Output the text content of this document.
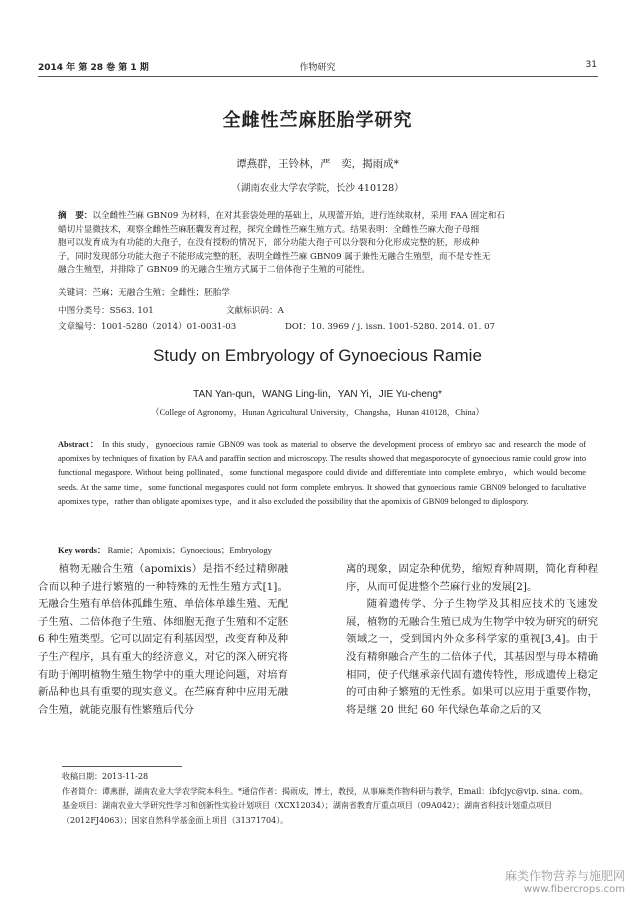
2014 年 第 28 卷 第 1 期	作物研究	31
全雌性苎麻胚胎学研究
谭燕群，王铃林，严　奕，揭雨成*
（湖南农业大学农学院，长沙 410128）
摘　要：以全雌性苎麻 GBN09 为材料，在对其套袋处理的基础上，从现蕾开始，进行连续取材，采用 FAA 固定和石
蜡切片显微技术，观察全雌性苎麻胚囊发育过程，探究全雌性苎麻生殖方式。结果表明：全雌性苎麻大孢子母细
胞可以发育成为有功能的大孢子，在没有授粉的情况下，部分功能大孢子可以分裂和分化形成完整的胚，形成种
子，同时发现部分功能大孢子不能形成完整的胚，表明全雌性苎麻 GBN09 属于兼性无融合生殖型，而不是专性无
融合生殖型，并排除了 GBN09 的无融合生殖方式属于二倍体孢子生殖的可能性。
关键词：苎麻；无融合生殖；全雌性；胚胎学
中图分类号：S563. 101	文献标识码：A
文章编号：1001-5280（2014）01-0031-03	DOI：10. 3969 / j. issn. 1001-5280. 2014. 01. 07
Study on Embryology of Gynoecious Ramie
TAN Yan-qun，WANG Ling-lin，YAN Yi，JIE Yu-cheng*
（College of Agronomy，Hunan Agricultural University，Changsha，Hunan 410128，China）
Abstract： In this study，gynoecious ramie GBN09 was took as material to observe the development process of embryo sac and research the mode of apomixes by techniques of fixation by FAA and paraffin section and microscopy. The results showed that megasporocyte of gynoecious ramie could grow into functional megaspore. Without being pollinated，some functional megaspore could divide and differentiate into complete embryo，which would become seeds. At the same time，some functional megaspores could not form complete embryos. It showed that gynoecious ramie GBN09 belonged to facultative apomixes type，rather than obligate apomixes type，and it also excluded the possibility that the apomixis of GBN09 belonged to diplospory.
Key words： Ramie；Apomixis；Gynoecious；Embryology

植物无融合生殖（apomixis）是指不经过精卵融合而以种子进行繁殖的一种特殊的无性生殖方式[1]。无融合生殖有单倍体孤雌生殖、单倍体单雄生殖、无配子生殖、二倍体孢子生殖、体细胞无孢子生殖和不定胚 6 种生殖类型。它可以固定有利基因型，改变育种及种子生产程序，具有重大的经济意义，对它的深入研究将有助于阐明植物生殖生物学中的重大理论问题，对培育新品种也具有重要的现实意义。在苎麻育种中应用无融合生殖，就能克服有性繁殖后代分

离的现象，固定杂种优势，缩短育种周期，简化育种程序，从而可促进整个苎麻行业的发展[2]。

随着遗传学、分子生物学及其相应技术的飞速发展，植物的无融合生殖已成为生物学中较为研究的研究领域之一，受到国内外众多科学家的重视[3,4]。由于没有精卵融合产生的二倍体子代，其基因型与母本精确相同，使子代继承亲代固有遗传特性，形成遗传上稳定的可由种子繁殖的无性系。如果可以应用于重要作物，将是继 20 世纪 60 年代绿色革命之后的又

收稿日期：2013-11-28
作者简介：谭燕群，湖南农业大学农学院本科生。*通信作者：揭雨成，博士，教授，从事麻类作物科研与教学，Email：ibfcjyc@vip. sina. com。
基金项目：湖南农业大学研究性学习和创新性实验计划项目（XCX12034）；湖南省教育厅重点项目（09A042）；湖南省科技计划重点项目（2012FJ4063）；国家自然科学基金面上项目（31371704）。
麻类作物营养与施肥网
www.fibercrops.com
